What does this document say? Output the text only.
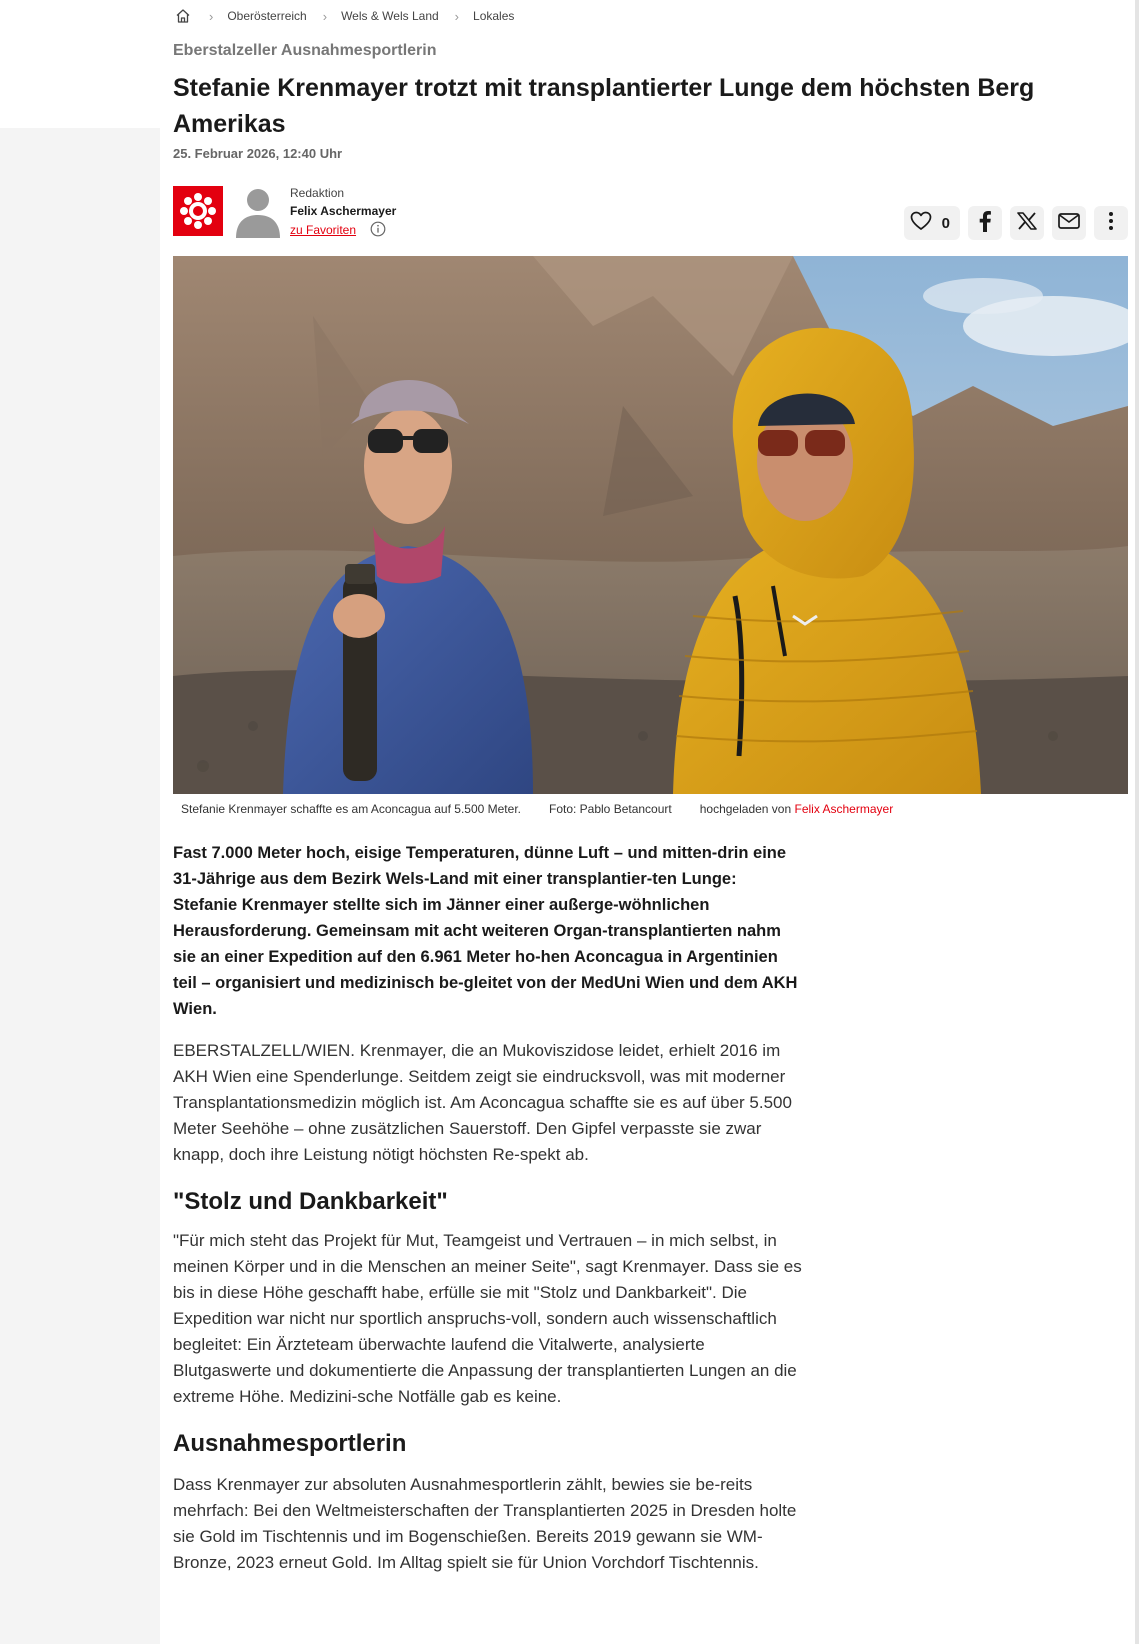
› Oberösterreich › Wels & Wels Land › Lokales
Eberstalzeller Ausnahmesportlerin
Stefanie Krenmayer trotzt mit transplantierter Lunge dem höchsten Berg Amerikas
25. Februar 2026, 12:40 Uhr
Redaktion
Felix Aschermayer
zu Favoriten	0
Stefanie Krenmayer schaffte es am Aconcagua auf 5.500 Meter. Foto: Pablo Betancourt hochgeladen von Felix Aschermayer

Fast 7.000 Meter hoch, eisige Temperaturen, dünne Luft – und mitten-drin eine 31-Jährige aus dem Bezirk Wels-Land mit einer transplantier-ten Lunge: Stefanie Krenmayer stellte sich im Jänner einer außerge-wöhnlichen Herausforderung. Gemeinsam mit acht weiteren Organ-transplantierten nahm sie an einer Expedition auf den 6.961 Meter ho-hen Aconcagua in Argentinien teil – organisiert und medizinisch be-gleitet von der MedUni Wien und dem AKH Wien.

EBERSTALZELL/WIEN. Krenmayer, die an Mukoviszidose leidet, erhielt 2016 im AKH Wien eine Spenderlunge. Seitdem zeigt sie eindrucksvoll, was mit moderner Transplantationsmedizin möglich ist. Am Aconcagua schaffte sie es auf über 5.500 Meter Seehöhe – ohne zusätzlichen Sauerstoff. Den Gipfel verpasste sie zwar knapp, doch ihre Leistung nötigt höchsten Re-spekt ab.

"Stolz und Dankbarkeit"

"Für mich steht das Projekt für Mut, Teamgeist und Vertrauen – in mich selbst, in meinen Körper und in die Menschen an meiner Seite", sagt Krenmayer. Dass sie es bis in diese Höhe geschafft habe, erfülle sie mit "Stolz und Dankbarkeit". Die Expedition war nicht nur sportlich anspruchs-voll, sondern auch wissenschaftlich begleitet: Ein Ärzteteam überwachte laufend die Vitalwerte, analysierte Blutgaswerte und dokumentierte die Anpassung der transplantierten Lungen an die extreme Höhe. Medizini-sche Notfälle gab es keine.

Ausnahmesportlerin

Dass Krenmayer zur absoluten Ausnahmesportlerin zählt, bewies sie be-reits mehrfach: Bei den Weltmeisterschaften der Transplantierten 2025 in Dresden holte sie Gold im Tischtennis und im Bogenschießen. Bereits 2019 gewann sie WM-Bronze, 2023 erneut Gold. Im Alltag spielt sie für Union Vorchdorf Tischtennis.
